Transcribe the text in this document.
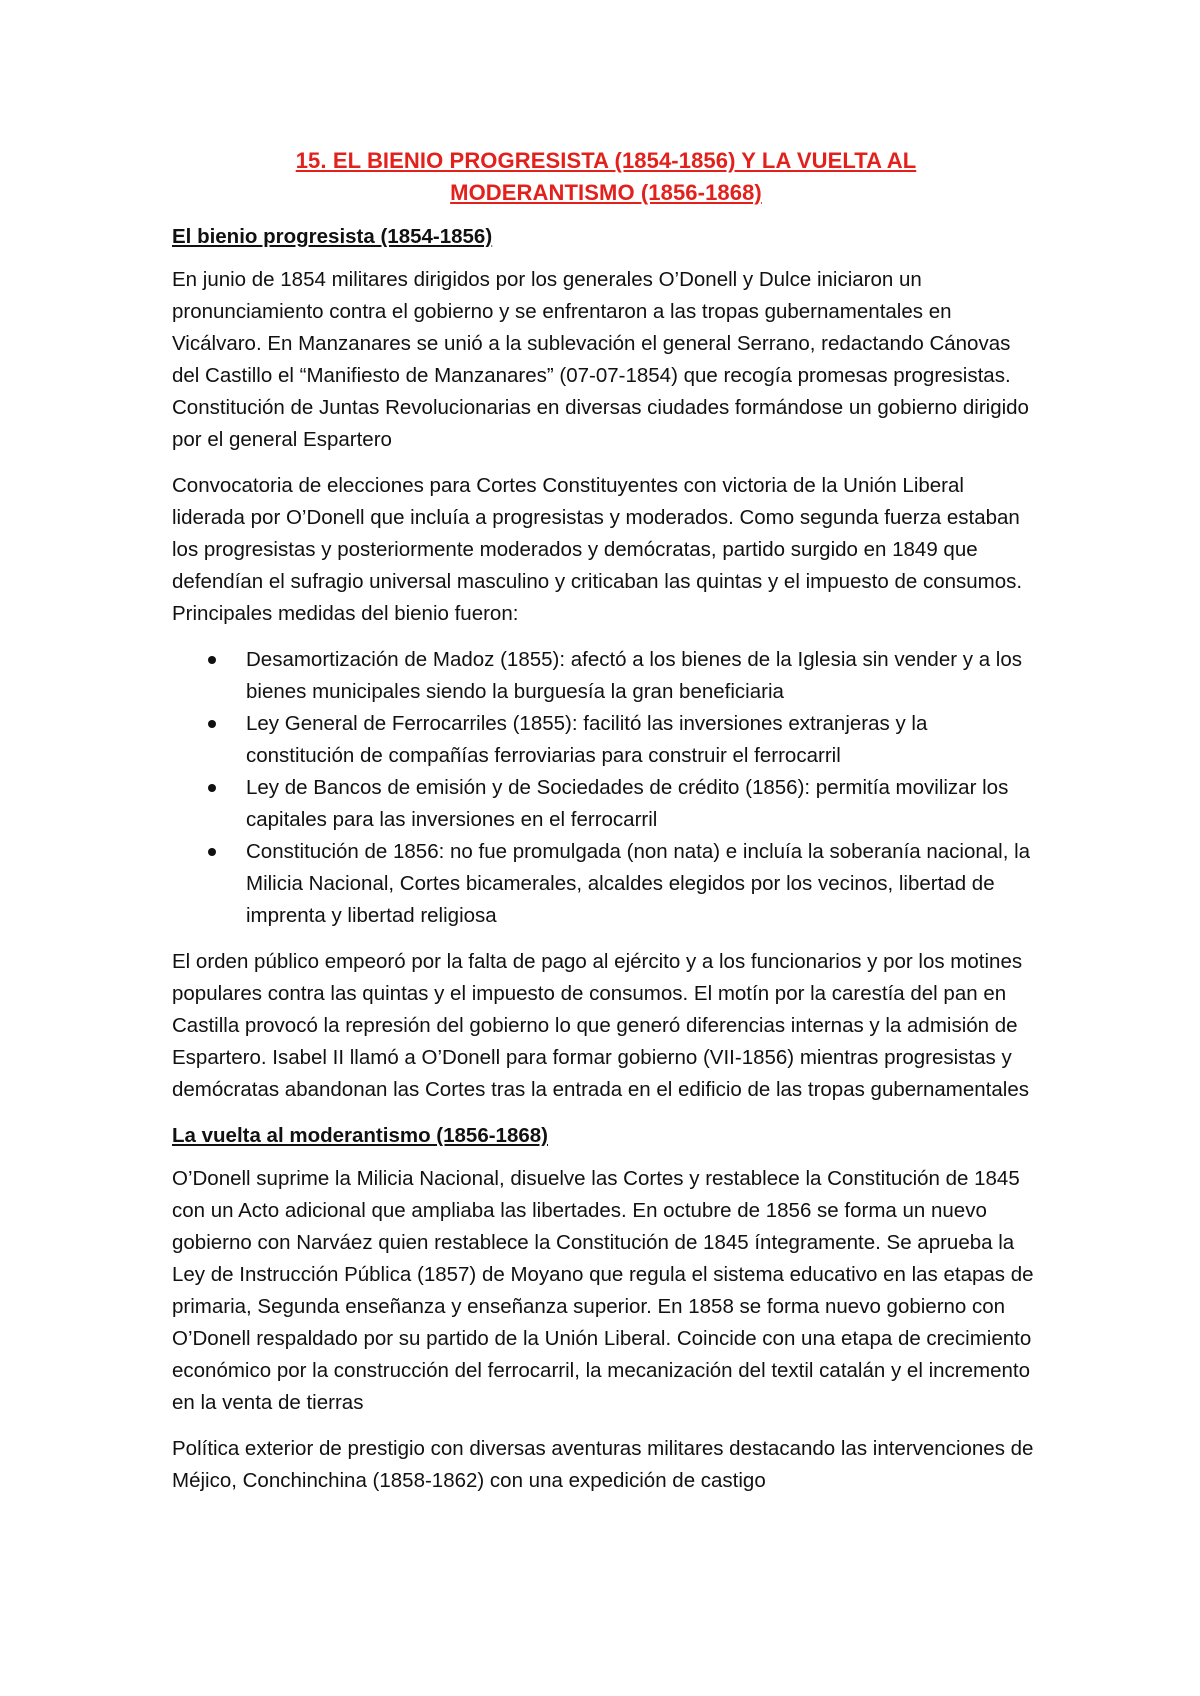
15. EL BIENIO PROGRESISTA (1854-1856) Y LA VUELTA AL
MODERANTISMO (1856-1868)
El bienio progresista (1854-1856)

En junio de 1854 militares dirigidos por los generales O’Donell y Dulce iniciaron un pronunciamiento contra el gobierno y se enfrentaron a las tropas gubernamentales en Vicálvaro. En Manzanares se unió a la sublevación el general Serrano, redactando Cánovas del Castillo el “Manifiesto de Manzanares” (07-07-1854) que recogía promesas progresistas. Constitución de Juntas Revolucionarias en diversas ciudades formándose un gobierno dirigido por el general Espartero

Convocatoria de elecciones para Cortes Constituyentes con victoria de la Unión Liberal liderada por O’Donell que incluía a progresistas y moderados. Como segunda fuerza estaban los progresistas y posteriormente moderados y demócratas, partido surgido en 1849 que defendían el sufragio universal masculino y criticaban las quintas y el impuesto de consumos. Principales medidas del bienio fueron:

Desamortización de Madoz (1855): afectó a los bienes de la Iglesia sin vender y a los bienes municipales siendo la burguesía la gran beneficiaria
Ley General de Ferrocarriles (1855): facilitó las inversiones extranjeras y la constitución de compañías ferroviarias para construir el ferrocarril
Ley de Bancos de emisión y de Sociedades de crédito (1856): permitía movilizar los capitales para las inversiones en el ferrocarril
Constitución de 1856: no fue promulgada (non nata) e incluía la soberanía nacional, la Milicia Nacional, Cortes bicamerales, alcaldes elegidos por los vecinos, libertad de imprenta y libertad religiosa

El orden público empeoró por la falta de pago al ejército y a los funcionarios y por los motines populares contra las quintas y el impuesto de consumos. El motín por la carestía del pan en Castilla provocó la represión del gobierno lo que generó diferencias internas y la admisión de Espartero. Isabel II llamó a O’Donell para formar gobierno (VII-1856) mientras progresistas y demócratas abandonan las Cortes tras la entrada en el edificio de las tropas gubernamentales

La vuelta al moderantismo (1856-1868)

O’Donell suprime la Milicia Nacional, disuelve las Cortes y restablece la Constitución de 1845 con un Acto adicional que ampliaba las libertades. En octubre de 1856 se forma un nuevo gobierno con Narváez quien restablece la Constitución de 1845 íntegramente. Se aprueba la Ley de Instrucción Pública (1857) de Moyano que regula el sistema educativo en las etapas de primaria, Segunda enseñanza y enseñanza superior. En 1858 se forma nuevo gobierno con O’Donell respaldado por su partido de la Unión Liberal. Coincide con una etapa de crecimiento económico por la construcción del ferrocarril, la mecanización del textil catalán y el incremento en la venta de tierras

Política exterior de prestigio con diversas aventuras militares destacando las intervenciones de Méjico, Conchinchina (1858-1862) con una expedición de castigo
